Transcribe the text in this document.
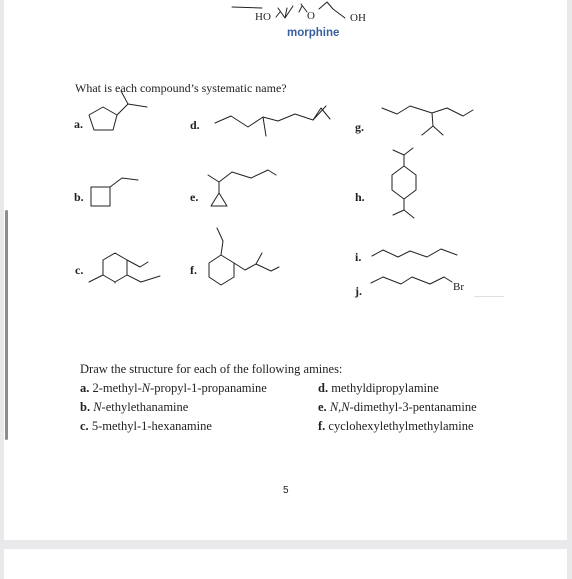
HO	O	OH
morphine
What is each compound’s systematic name?
a.
b.
c.
d.
e.
f.
g.
h.
i.
j.	Br
Draw the structure for each of the following amines:
a. 2-methyl-N-propyl-1-propanamine
b. N-ethylethanamine
c. 5-methyl-1-hexanamine
d. methyldipropylamine
e. N,N-dimethyl-3-pentanamine
f. cyclohexylethylmethylamine
5
